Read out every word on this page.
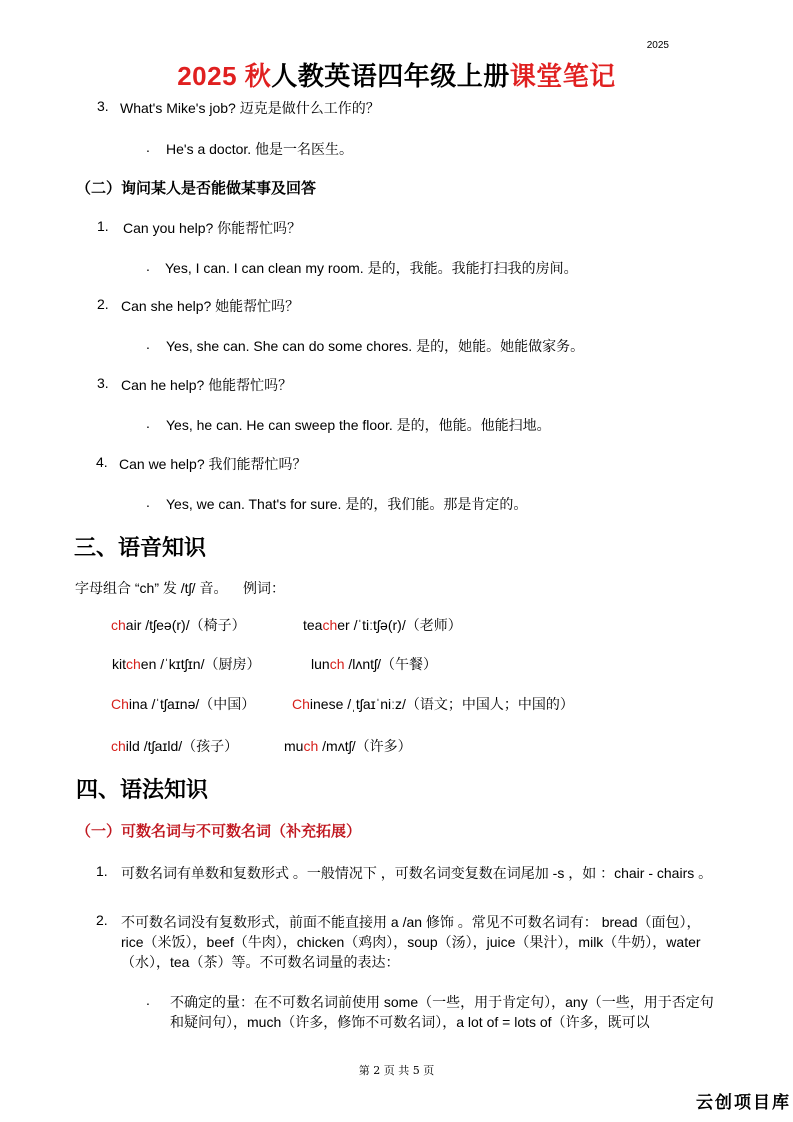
2025
2025 秋人教英语四年级上册课堂笔记
3. What's Mike's job? 迈克是做什么工作的？
. He's a doctor. 他是一名医生。
（二）询问某人是否能做某事及回答
1. Can you help? 你能帮忙吗？
. Yes, I can. I can clean my room. 是的，我能。我能打扫我的房间。
2. Can she help? 她能帮忙吗？
. Yes, she can. She can do some chores. 是的，她能。她能做家务。
3. Can he help? 他能帮忙吗？
. Yes, he can. He can sweep the floor. 是的，他能。他能扫地。
4. Can we help? 我们能帮忙吗？
. Yes, we can. That's for sure. 是的，我们能。那是肯定的。
三、语音知识
字母组合 “ch” 发 /tʃ/ 音。    例词：
chair /tʃeə(r)/（椅子）	teacher /ˈtiːtʃə(r)/（老师）
kitchen /ˈkɪtʃɪn/（厨房）	lunch /lʌntʃ/（午餐）
China /ˈtʃaɪnə/（中国）	Chinese /ˌtʃaɪˈniːz/（语文；中国人；中国的）
child /tʃaɪld/（孩子）	much /mʌtʃ/（许多）
四、语法知识
（一）可数名词与不可数名词（补充拓展）
1. 可数名词有单数和复数形式 。一般情况下 ，可数名词变复数在词尾加 -s ，如 ：chair - chairs 。
2. 不可数名词没有复数形式，前面不能直接用 a /an 修饰 。常见不可数名词有： bread（面包），rice（米饭），beef（牛肉），chicken（鸡肉），soup（汤），juice（果汁），milk（牛奶），water（水），tea（茶）等。不可数名词量的表达：
. 不确定的量：在不可数名词前使用 some（一些，用于肯定句），any（一些，用于否定句和疑问句），much（许多，修饰不可数名词），a lot of = lots of（许多，既可以
第 2 页 共 5 页
云创项目库
